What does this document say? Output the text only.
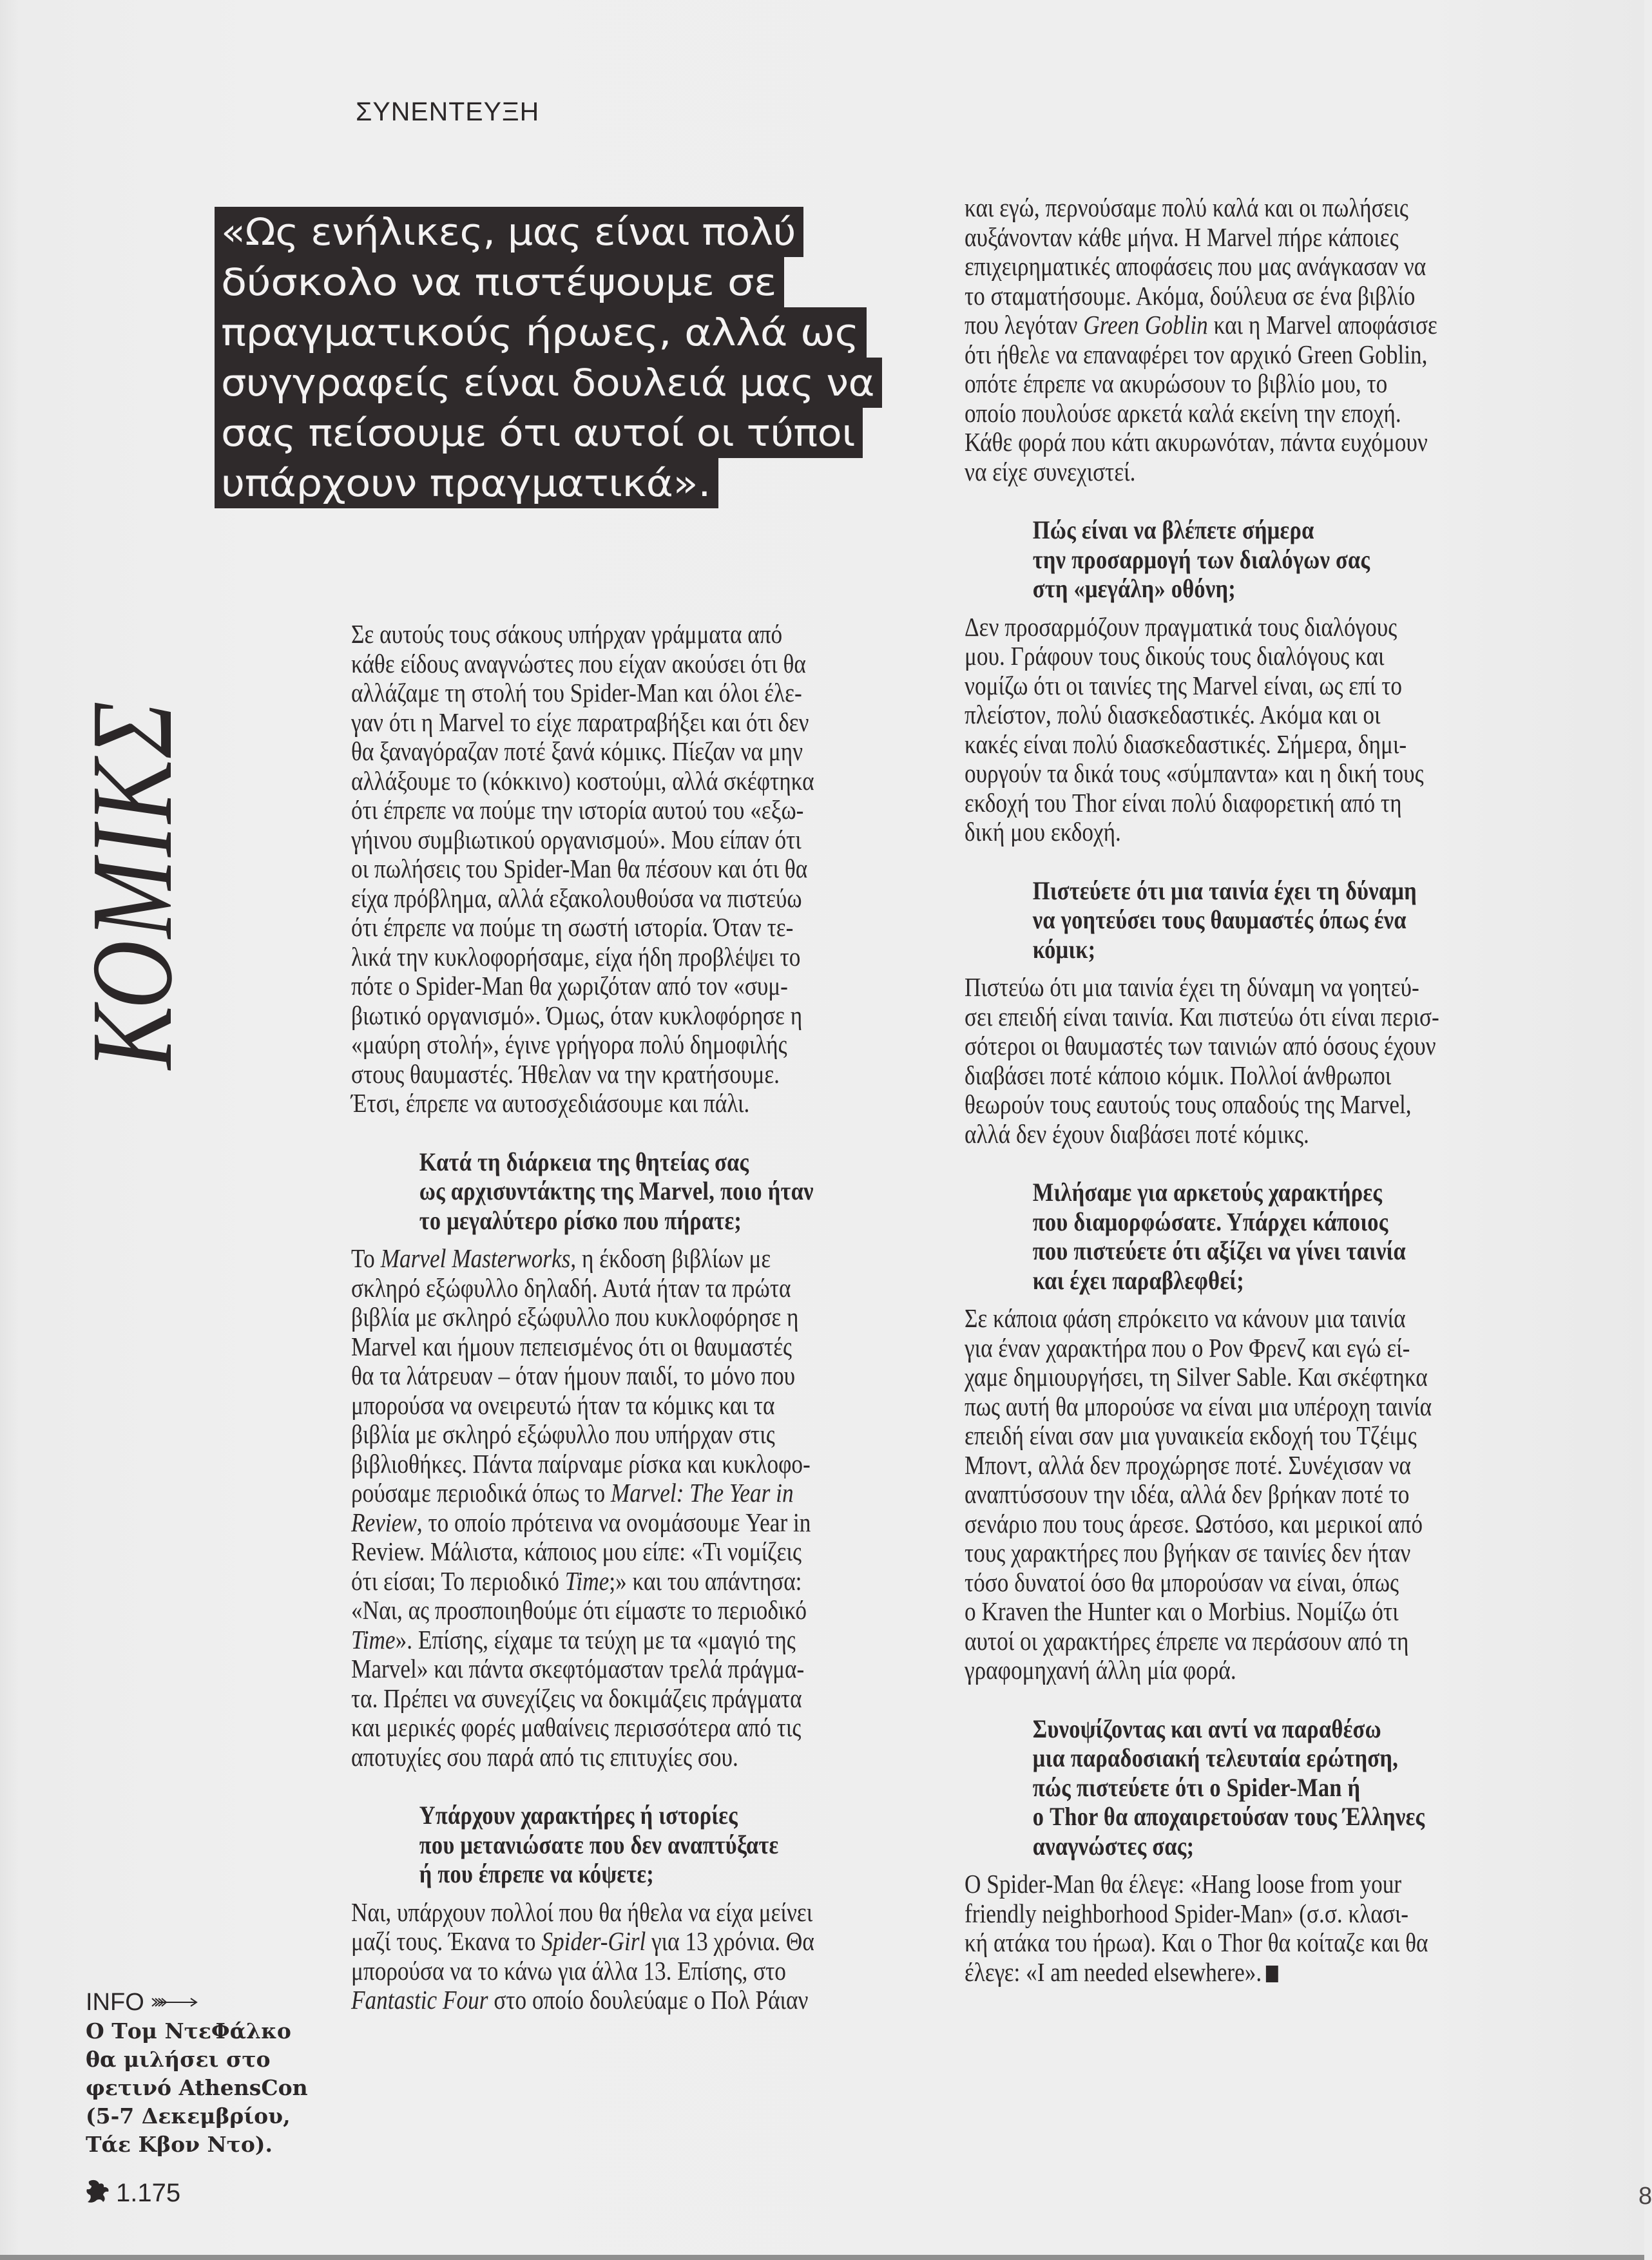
ΣΥΝΕΝΤΕΥΞΗ
«Ως ενήλικες, μας είναι πολύ
δύσκολο να πιστέψουμε σε
πραγματικούς ήρωες, αλλά ως
συγγραφείς είναι δουλειά μας να
σας πείσουμε ότι αυτοί οι τύποι
υπάρχουν πραγματικά».
ΚΟΜΙΚΣ
Σε αυτούς τους σάκους υπήρχαν γράμματα από
κάθε είδους αναγνώστες που είχαν ακούσει ότι θα
αλλάζαμε τη στολή του Spider-Man και όλοι έλε-
γαν ότι η Marvel το είχε παρατραβήξει και ότι δεν
θα ξαναγόραζαν ποτέ ξανά κόμικς. Πίεζαν να μην
αλλάξουμε το (κόκκινο) κοστούμι, αλλά σκέφτηκα
ότι έπρεπε να πούμε την ιστορία αυτού του «εξω-
γήινου συμβιωτικού οργανισμού». Μου είπαν ότι
οι πωλήσεις του Spider-Man θα πέσουν και ότι θα
είχα πρόβλημα, αλλά εξακολουθούσα να πιστεύω
ότι έπρεπε να πούμε τη σωστή ιστορία. Όταν τε-
λικά την κυκλοφορήσαμε, είχα ήδη προβλέψει το
πότε ο Spider-Man θα χωριζόταν από τον «συμ-
βιωτικό οργανισμό». Όμως, όταν κυκλοφόρησε η
«μαύρη στολή», έγινε γρήγορα πολύ δημοφιλής
στους θαυμαστές. Ήθελαν να την κρατήσουμε.
Έτσι, έπρεπε να αυτοσχεδιάσουμε και πάλι.
Κατά τη διάρκεια της θητείας σας
ως αρχισυντάκτης της Marvel, ποιο ήταν
το μεγαλύτερο ρίσκο που πήρατε;
Το Marvel Masterworks, η έκδοση βιβλίων με
σκληρό εξώφυλλο δηλαδή. Αυτά ήταν τα πρώτα
βιβλία με σκληρό εξώφυλλο που κυκλοφόρησε η
Marvel και ήμουν πεπεισμένος ότι οι θαυμαστές
θα τα λάτρευαν – όταν ήμουν παιδί, το μόνο που
μπορούσα να ονειρευτώ ήταν τα κόμικς και τα
βιβλία με σκληρό εξώφυλλο που υπήρχαν στις
βιβλιοθήκες. Πάντα παίρναμε ρίσκα και κυκλοφο-
ρούσαμε περιοδικά όπως το Marvel: The Year in
Review, το οποίο πρότεινα να ονομάσουμε Year in
Review. Μάλιστα, κάποιος μου είπε: «Τι νομίζεις
ότι είσαι; Το περιοδικό Time;» και του απάντησα:
«Ναι, ας προσποιηθούμε ότι είμαστε το περιοδικό
Time». Επίσης, είχαμε τα τεύχη με τα «μαγιό της
Marvel» και πάντα σκεφτόμασταν τρελά πράγμα-
τα. Πρέπει να συνεχίζεις να δοκιμάζεις πράγματα
και μερικές φορές μαθαίνεις περισσότερα από τις
αποτυχίες σου παρά από τις επιτυχίες σου.
Υπάρχουν χαρακτήρες ή ιστορίες
που μετανιώσατε που δεν αναπτύξατε
ή που έπρεπε να κόψετε;
Ναι, υπάρχουν πολλοί που θα ήθελα να είχα μείνει
μαζί τους. Έκανα το Spider-Girl για 13 χρόνια. Θα
μπορούσα να το κάνω για άλλα 13. Επίσης, στο
Fantastic Four στο οποίο δουλεύαμε ο Πολ Ράιαν
και εγώ, περνούσαμε πολύ καλά και οι πωλήσεις
αυξάνονταν κάθε μήνα. Η Marvel πήρε κάποιες
επιχειρηματικές αποφάσεις που μας ανάγκασαν να
το σταματήσουμε. Ακόμα, δούλευα σε ένα βιβλίο
που λεγόταν Green Goblin και η Marvel αποφάσισε
ότι ήθελε να επαναφέρει τον αρχικό Green Goblin,
οπότε έπρεπε να ακυρώσουν το βιβλίο μου, το
οποίο πουλούσε αρκετά καλά εκείνη την εποχή.
Κάθε φορά που κάτι ακυρωνόταν, πάντα ευχόμουν
να είχε συνεχιστεί.
Πώς είναι να βλέπετε σήμερα
την προσαρμογή των διαλόγων σας
στη «μεγάλη» οθόνη;
Δεν προσαρμόζουν πραγματικά τους διαλόγους
μου. Γράφουν τους δικούς τους διαλόγους και
νομίζω ότι οι ταινίες της Marvel είναι, ως επί το
πλείστον, πολύ διασκεδαστικές. Ακόμα και οι
κακές είναι πολύ διασκεδαστικές. Σήμερα, δημι-
ουργούν τα δικά τους «σύμπαντα» και η δική τους
εκδοχή του Thor είναι πολύ διαφορετική από τη
δική μου εκδοχή.
Πιστεύετε ότι μια ταινία έχει τη δύναμη
να γοητεύσει τους θαυμαστές όπως ένα
κόμικ;
Πιστεύω ότι μια ταινία έχει τη δύναμη να γοητεύ-
σει επειδή είναι ταινία. Και πιστεύω ότι είναι περισ-
σότεροι οι θαυμαστές των ταινιών από όσους έχουν
διαβάσει ποτέ κάποιο κόμικ. Πολλοί άνθρωποι
θεωρούν τους εαυτούς τους οπαδούς της Marvel,
αλλά δεν έχουν διαβάσει ποτέ κόμικς.
Μιλήσαμε για αρκετούς χαρακτήρες
που διαμορφώσατε. Υπάρχει κάποιος
που πιστεύετε ότι αξίζει να γίνει ταινία
και έχει παραβλεφθεί;
Σε κάποια φάση επρόκειτο να κάνουν μια ταινία
για έναν χαρακτήρα που ο Ρον Φρενζ και εγώ εί-
χαμε δημιουργήσει, τη Silver Sable. Και σκέφτηκα
πως αυτή θα μπορούσε να είναι μια υπέροχη ταινία
επειδή είναι σαν μια γυναικεία εκδοχή του Τζέιμς
Μποντ, αλλά δεν προχώρησε ποτέ. Συνέχισαν να
αναπτύσσουν την ιδέα, αλλά δεν βρήκαν ποτέ το
σενάριο που τους άρεσε. Ωστόσο, και μερικοί από
τους χαρακτήρες που βγήκαν σε ταινίες δεν ήταν
τόσο δυνατοί όσο θα μπορούσαν να είναι, όπως
ο Kraven the Hunter και ο Morbius. Νομίζω ότι
αυτοί οι χαρακτήρες έπρεπε να περάσουν από τη
γραφομηχανή άλλη μία φορά.
Συνοψίζοντας και αντί να παραθέσω
μια παραδοσιακή τελευταία ερώτηση,
πώς πιστεύετε ότι ο Spider-Man ή
ο Thor θα αποχαιρετούσαν τους Έλληνες
αναγνώστες σας;
Ο Spider-Man θα έλεγε: «Hang loose from your
friendly neighborhood Spider-Man» (σ.σ. κλασι-
κή ατάκα του ήρωα). Και ο Thor θα κοίταζε και θα
έλεγε: «I am needed elsewhere».
INFO
Ο Τομ ΝτεΦάλκο
θα μιλήσει στο
φετινό AthensCon
(5-7 Δεκεμβρίου,
Τάε Κβον Ντο).
1.175	8
